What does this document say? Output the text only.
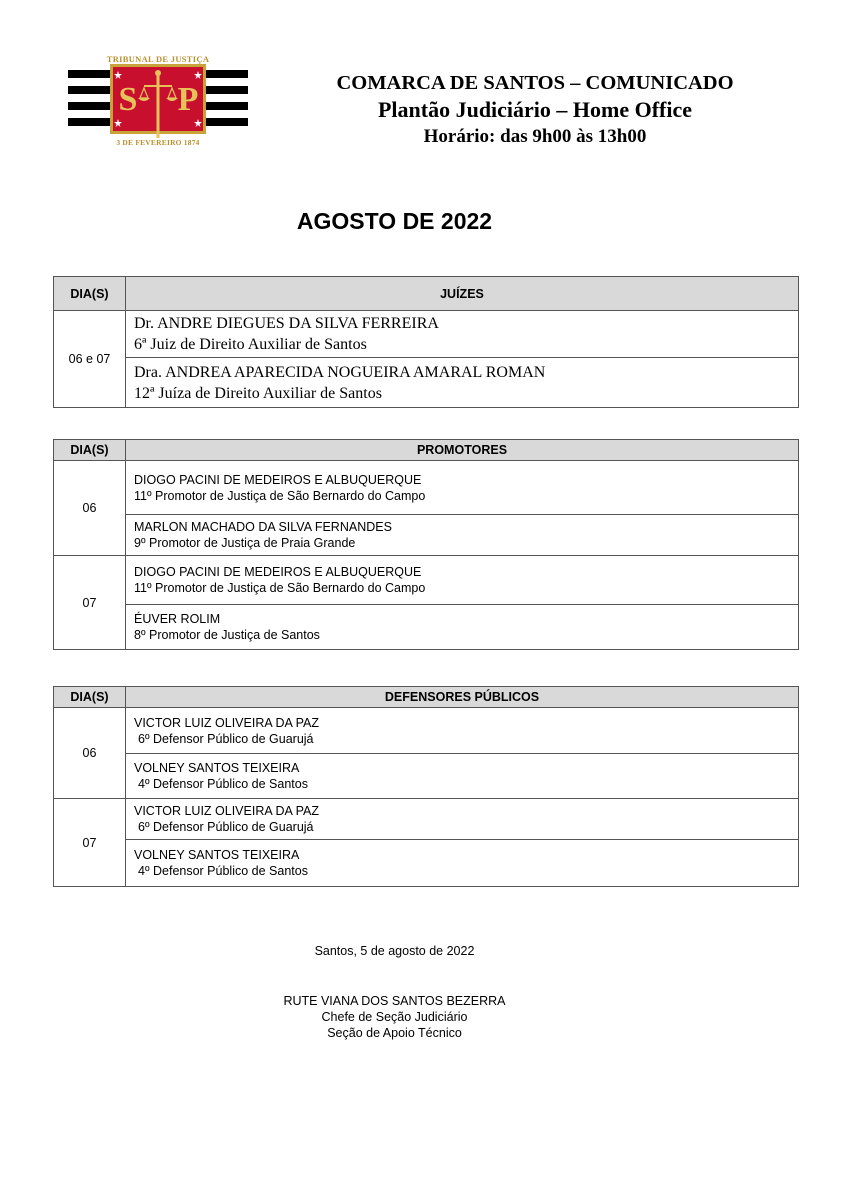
S P
TRIBUNAL DE JUSTIÇA
3 DE FEVEREIRO 1874
COMARCA DE SANTOS – COMUNICADO
Plantão Judiciário – Home Office
Horário: das 9h00 às 13h00
AGOSTO DE 2022
DIA(S)	JUÍZES
06 e 07	Dr. ANDRE DIEGUES DA SILVA FERREIRA
6ª Juiz de Direito Auxiliar de Santos

	Dra. ANDREA APARECIDA NOGUEIRA AMARAL ROMAN
12ª Juíza de Direito Auxiliar de Santos
DIA(S)	PROMOTORES
06	DIOGO PACINI DE MEDEIROS E ALBUQUERQUE
11º Promotor de Justiça de São Bernardo do Campo

	MARLON MACHADO DA SILVA FERNANDES
9º Promotor de Justiça de Praia Grande

07	DIOGO PACINI DE MEDEIROS E ALBUQUERQUE
11º Promotor de Justiça de São Bernardo do Campo

	ÉUVER ROLIM
8º Promotor de Justiça de Santos
DIA(S)	DEFENSORES PÚBLICOS
06	VICTOR LUIZ OLIVEIRA DA PAZ
6º Defensor Público de Guarujá

	VOLNEY SANTOS TEIXEIRA
4º Defensor Público de Santos

07	VICTOR LUIZ OLIVEIRA DA PAZ
6º Defensor Público de Guarujá

	VOLNEY SANTOS TEIXEIRA
4º Defensor Público de Santos
Santos, 5 de agosto de 2022
RUTE VIANA DOS SANTOS BEZERRA
Chefe de Seção Judiciário
Seção de Apoio Técnico
